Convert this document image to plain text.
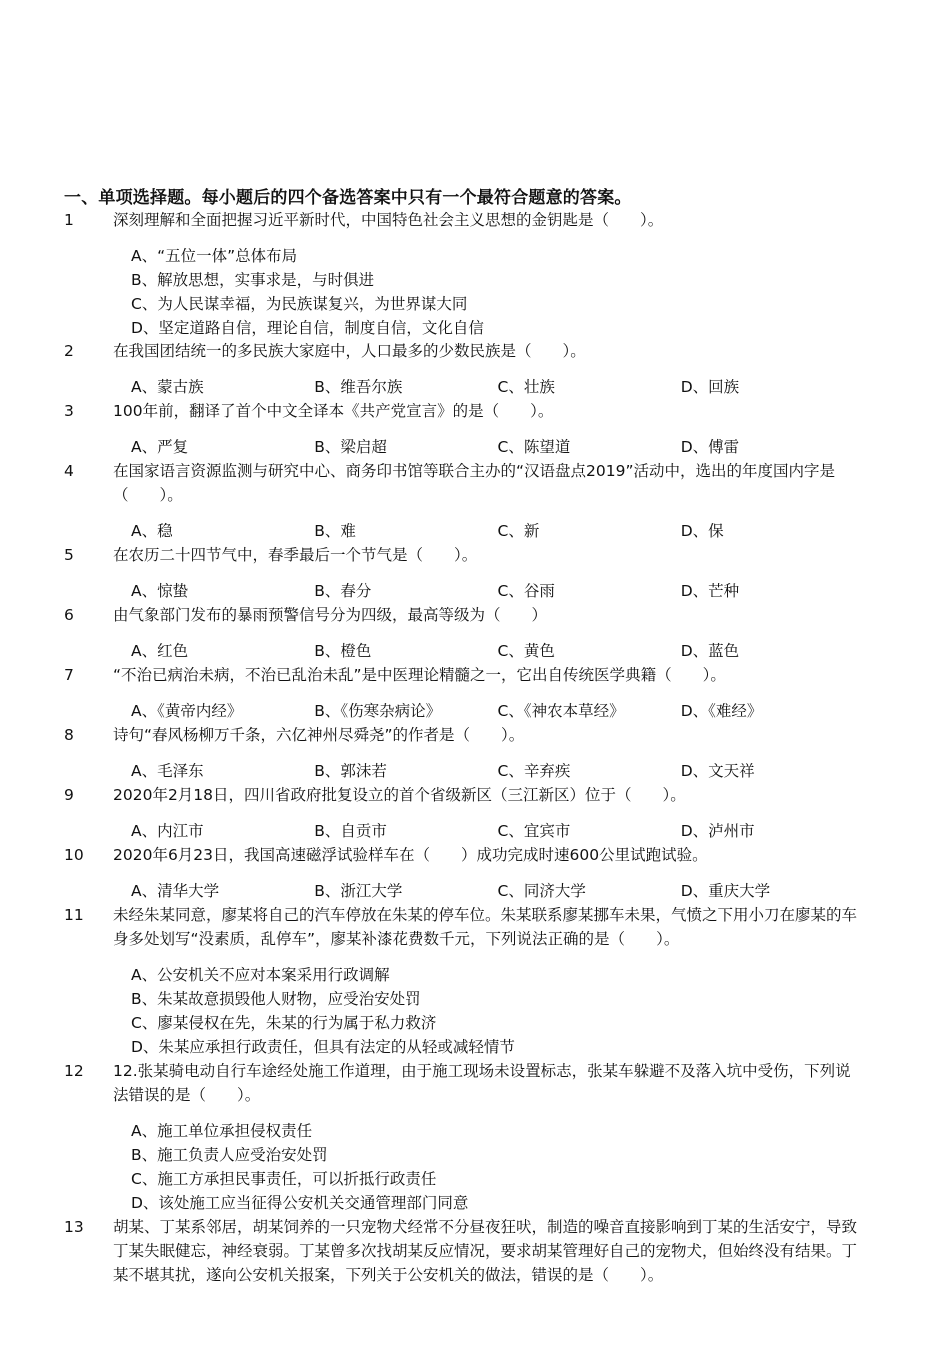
一、单项选择题。每小题后的四个备选答案中只有一个最符合题意的答案。
1	深刻理解和全面把握习近平新时代，中国特色社会主义思想的金钥匙是（　　）。
A、“五位一体”总体布局
B、解放思想，实事求是，与时俱进
C、为人民谋幸福，为民族谋复兴，为世界谋大同
D、坚定道路自信，理论自信，制度自信，文化自信
2	在我国团结统一的多民族大家庭中，人口最多的少数民族是（　　）。
A、蒙古族	B、维吾尔族	C、壮族	D、回族
3	100年前，翻译了首个中文全译本《共产党宣言》的是（　　）。
A、严复	B、梁启超	C、陈望道	D、傅雷
4	在国家语言资源监测与研究中心、商务印书馆等联合主办的“汉语盘点2019”活动中，选出的年度国内字是（　　）。
A、稳	B、难	C、新	D、保
5	在农历二十四节气中，春季最后一个节气是（　　）。
A、惊蛰	B、春分	C、谷雨	D、芒种
6	由气象部门发布的暴雨预警信号分为四级，最高等级为（　　）
A、红色	B、橙色	C、黄色	D、蓝色
7	“不治已病治未病，不治已乱治未乱”是中医理论精髓之一，它出自传统医学典籍（　　）。
A、《黄帝内经》	B、《伤寒杂病论》	C、《神农本草经》	D、《难经》
8	诗句“春风杨柳万千条，六亿神州尽舜尧”的作者是（　　）。
A、毛泽东	B、郭沫若	C、辛弃疾	D、文天祥
9	2020年2月18日，四川省政府批复设立的首个省级新区（三江新区）位于（　　）。
A、内江市	B、自贡市	C、宜宾市	D、泸州市
10	2020年6月23日，我国高速磁浮试验样车在（　　）成功完成时速600公里试跑试验。
A、清华大学	B、浙江大学	C、同济大学	D、重庆大学
11	未经朱某同意，廖某将自己的汽车停放在朱某的停车位。朱某联系廖某挪车未果，气愤之下用小刀在廖某的车身多处划写“没素质，乱停车”，廖某补漆花费数千元，下列说法正确的是（　　）。
A、公安机关不应对本案采用行政调解
B、朱某故意损毁他人财物，应受治安处罚
C、廖某侵权在先，朱某的行为属于私力救济
D、朱某应承担行政责任，但具有法定的从轻或减轻情节
12	12.张某骑电动自行车途经处施工作道理，由于施工现场未设置标志，张某车躲避不及落入坑中受伤，下列说法错误的是（　　）。
A、施工单位承担侵权责任
B、施工负责人应受治安处罚
C、施工方承担民事责任，可以折抵行政责任
D、该处施工应当征得公安机关交通管理部门同意
13	胡某、丁某系邻居，胡某饲养的一只宠物犬经常不分昼夜狂吠，制造的噪音直接影响到丁某的生活安宁，导致丁某失眠健忘，神经衰弱。丁某曾多次找胡某反应情况，要求胡某管理好自己的宠物犬，但始终没有结果。丁某不堪其扰，遂向公安机关报案，下列关于公安机关的做法，错误的是（　　）。
